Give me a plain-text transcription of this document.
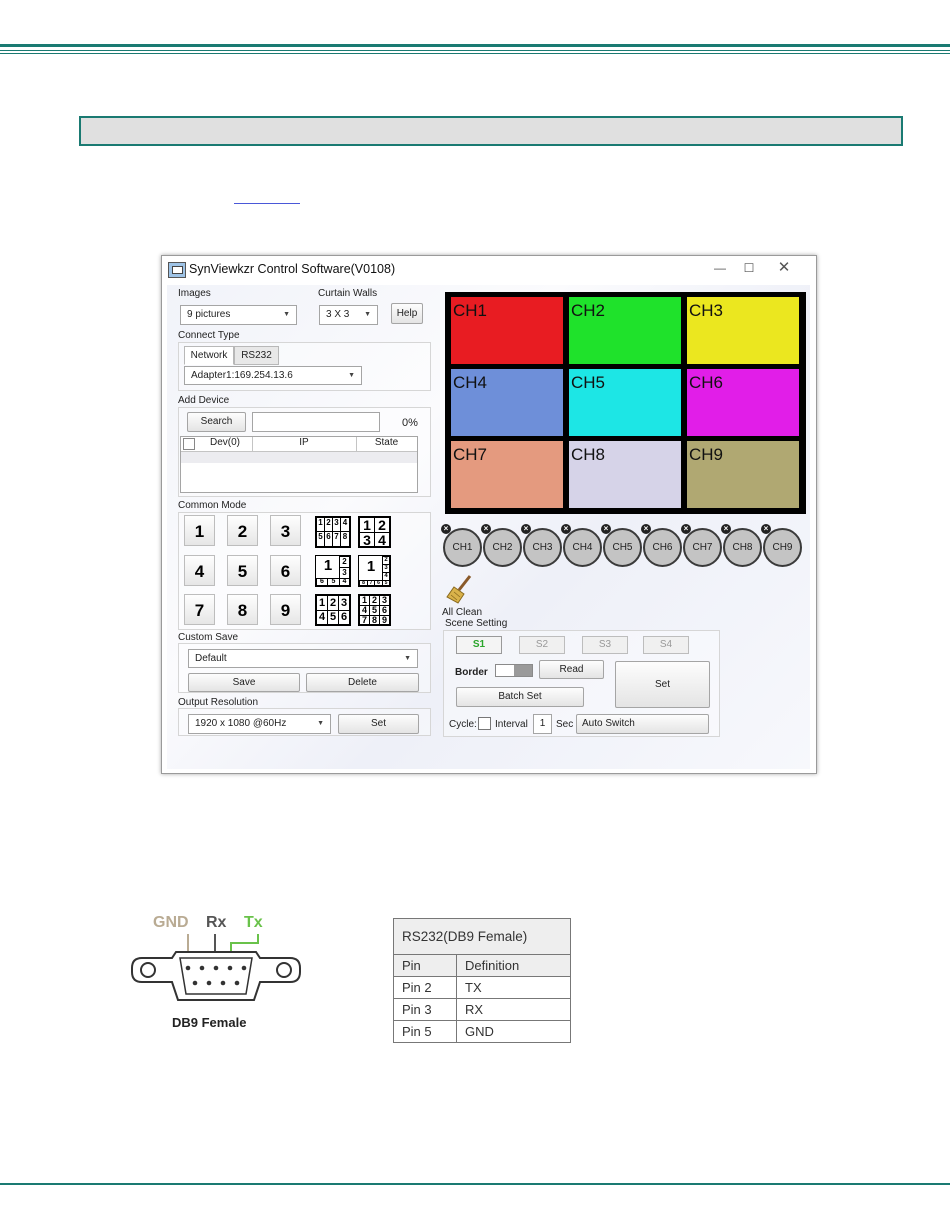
SynViewkzr Control Software(V0108)	—	☐	✕
Images
9 pictures	▼
Curtain Walls
3 X 3 ▼	Help
Connect Type
Network	RS232
Adapter1:169.254.13.6	▼
Add Device
Search	0%
Dev(0)	IP	State
Common Mode
1	2	3
4	5	6
7	8	9
1 2 3 4
5 6 7 8
1 2
3 4
1	2
3
6	5	4
1	2
3
4
8 7 6 5
1 2 3
4 5 6
1 2 3
4 5 6
7 8 9
Custom Save
Default	▼
Save	Delete
Output Resolution
1920 x 1080 @60Hz	▼	Set
CH1	CH2	CH3
CH4	CH5	CH6
CH7	CH8	CH9
CH1
×
CH2
×
CH3
×
CH4
×
CH5
×
CH6
×
CH7
×
CH8
×
CH9
×
All Clean
Scene Setting
S1	S2	S3	S4
Border	Read
Batch Set
Set
Cycle: Interval	1	Sec Auto Switch
GND Rx Tx
DB9 Female
RS232(DB9 Female)	
Pin	Definition
Pin 2	TX
Pin 3	RX
Pin 5	GND
